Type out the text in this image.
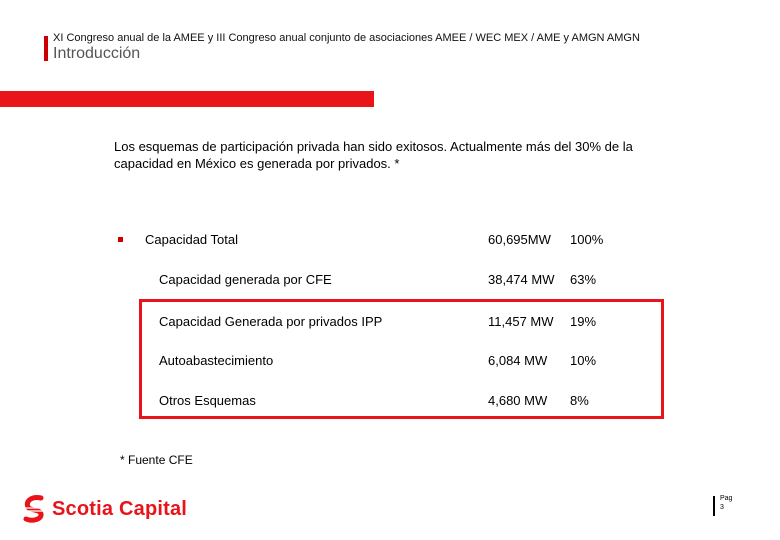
XI Congreso anual de la AMEE y III Congreso anual conjunto de asociaciones AMEE / WEC MEX / AME y AMGN AMGN
Introducción
Los esquemas de participación privada han sido exitosos. Actualmente más del 30% de la capacidad en México es generada por privados. *
Capacidad Total	60,695MW 100%
Capacidad generada por CFE	38,474 MW 63%
Capacidad Generada por privados IPP	11,457 MW 19%
Autoabastecimiento	6,084 MW 10%
Otros Esquemas	4,680 MW 8%
* Fuente CFE
Scotia Capital	Pag
3
